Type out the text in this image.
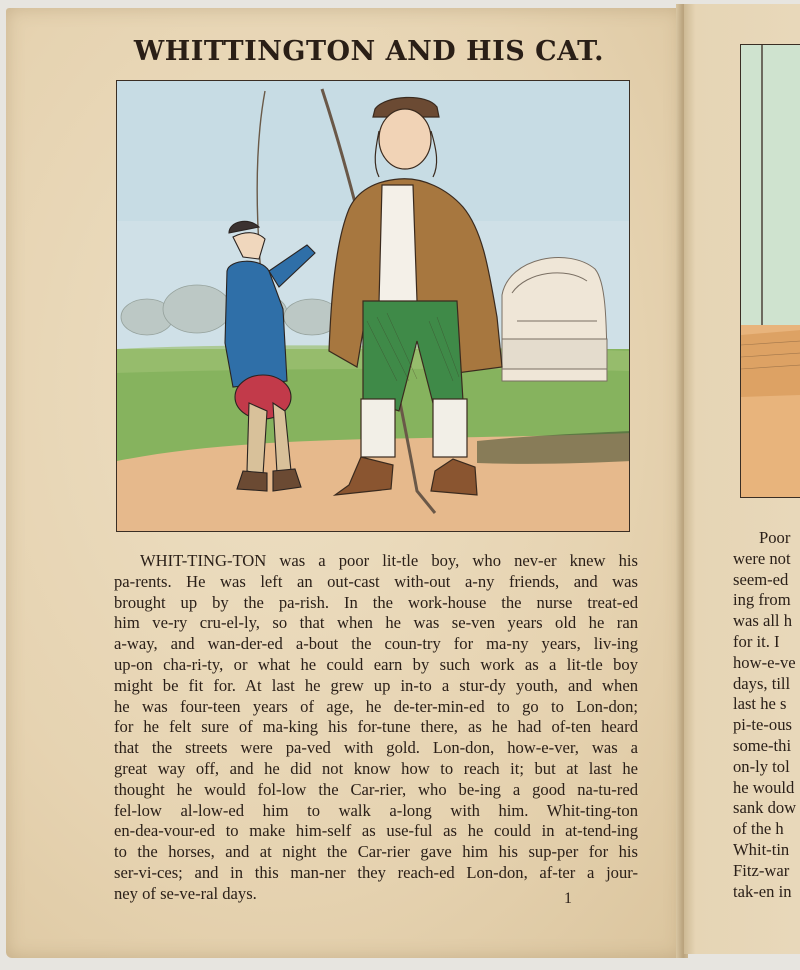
WHITTINGTON AND HIS CAT.
WHIT-TING-TON was a poor lit-tle boy, who nev-er knew his
pa-rents. He was left an out-cast with-out a-ny friends, and was
brought up by the pa-rish. In the work-house the nurse treat-ed
him ve-ry cru-el-ly, so that when he was se-ven years old he ran
a-way, and wan-der-ed a-bout the coun-try for ma-ny years, liv-ing
up-on cha-ri-ty, or what he could earn by such work as a lit-tle boy
might be fit for. At last he grew up in-to a stur-dy youth, and when
he was four-teen years of age, he de-ter-min-ed to go to Lon-don;
for he felt sure of ma-king his for-tune there, as he had of-ten heard
that the streets were pa-ved with gold. Lon-don, how-e-ver, was a
great way off, and he did not know how to reach it; but at last he
thought he would fol-low the Car-rier, who be-ing a good na-tu-red
fel-low al-low-ed him to walk a-long with him. Whit-ting-ton
en-dea-vour-ed to make him-self as use-ful as he could in at-tend-ing
to the horses, and at night the Car-rier gave him his sup-per for his
ser-vi-ces; and in this man-ner they reach-ed Lon-don, af-ter a jour-
ney of se-ve-ral days.	1
Poor
were not
seem-ed
ing from
was all h
for it. I
how-e-ve
days, till
last he s
pi-te-ous
some-thi
on-ly tol
he would
sank dow
of the h
Whit-tin
Fitz-war
tak-en in
